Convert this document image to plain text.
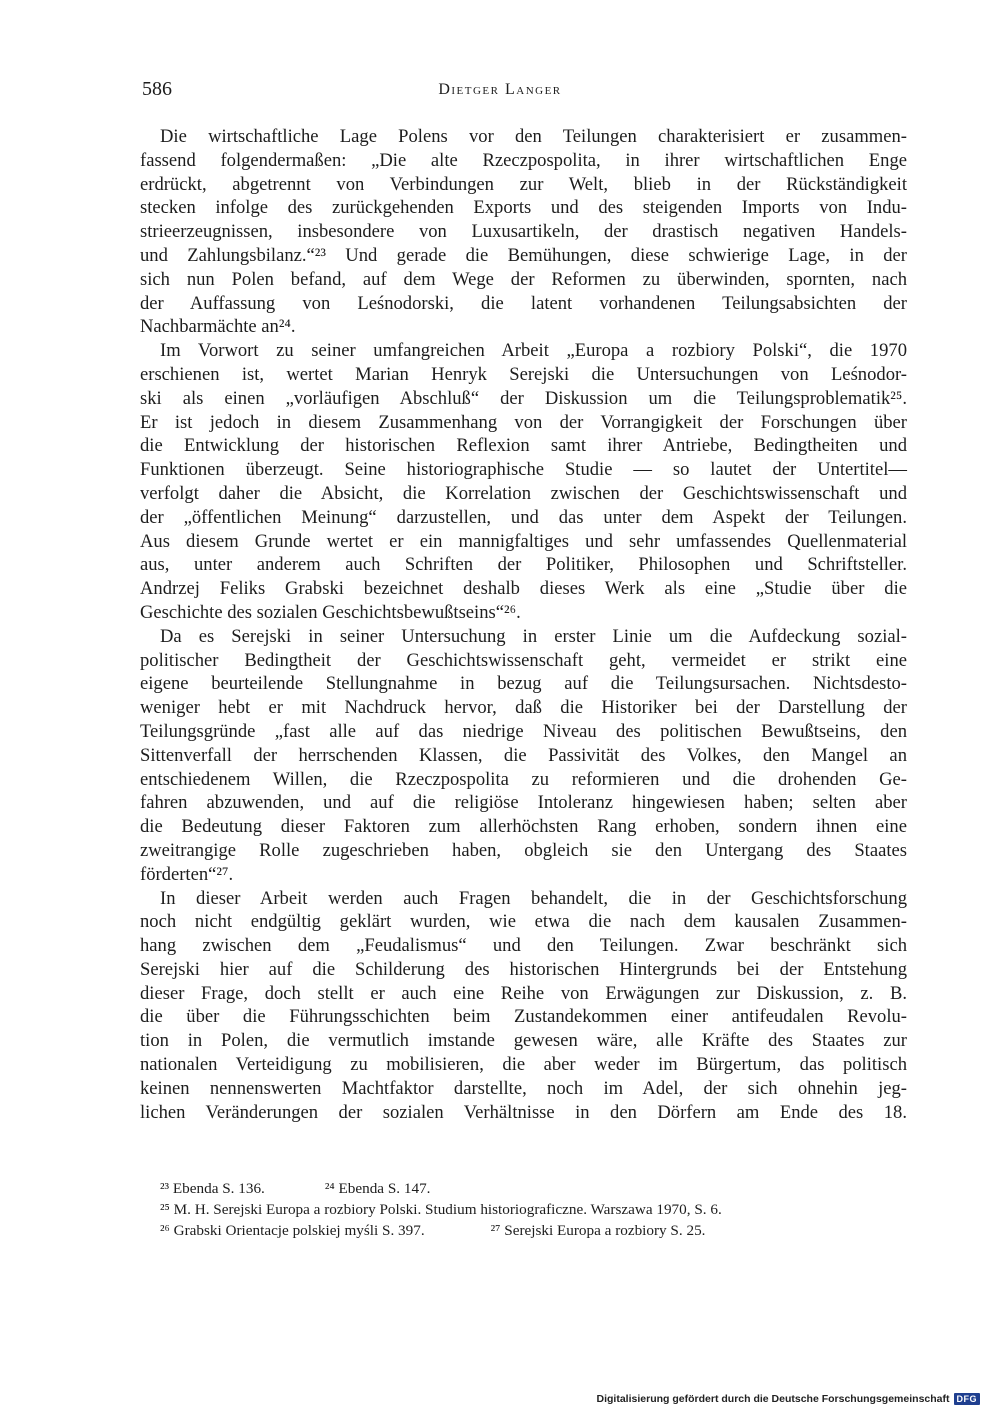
586	Dietger Langer
Die wirtschaftliche Lage Polens vor den Teilungen charakterisiert er zusammen-
fassend folgendermaßen: „Die alte Rzeczpospolita, in ihrer wirtschaftlichen Enge
erdrückt, abgetrennt von Verbindungen zur Welt, blieb in der Rückständigkeit
stecken infolge des zurückgehenden Exports und des steigenden Imports von Indu-
strieerzeugnissen, insbesondere von Luxusartikeln, der drastisch negativen Handels-
und Zahlungsbilanz.“²³ Und gerade die Bemühungen, diese schwierige Lage, in der
sich nun Polen befand, auf dem Wege der Reformen zu überwinden, spornten, nach
der Auffassung von Leśnodorski, die latent vorhandenen Teilungsabsichten der
Nachbarmächte an²⁴.
Im Vorwort zu seiner umfangreichen Arbeit „Europa a rozbiory Polski“, die 1970
erschienen ist, wertet Marian Henryk Serejski die Untersuchungen von Leśnodor-
ski als einen „vorläufigen Abschluß“ der Diskussion um die Teilungsproblematik²⁵.
Er ist jedoch in diesem Zusammenhang von der Vorrangigkeit der Forschungen über
die Entwicklung der historischen Reflexion samt ihrer Antriebe, Bedingtheiten und
Funktionen überzeugt. Seine historiographische Studie — so lautet der Untertitel—
verfolgt daher die Absicht, die Korrelation zwischen der Geschichtswissenschaft und
der „öffentlichen Meinung“ darzustellen, und das unter dem Aspekt der Teilungen.
Aus diesem Grunde wertet er ein mannigfaltiges und sehr umfassendes Quellenmaterial
aus, unter anderem auch Schriften der Politiker, Philosophen und Schriftsteller.
Andrzej Feliks Grabski bezeichnet deshalb dieses Werk als eine „Studie über die
Geschichte des sozialen Geschichtsbewußtseins“²⁶.
Da es Serejski in seiner Untersuchung in erster Linie um die Aufdeckung sozial-
politischer Bedingtheit der Geschichtswissenschaft geht, vermeidet er strikt eine
eigene beurteilende Stellungnahme in bezug auf die Teilungsursachen. Nichtsdesto-
weniger hebt er mit Nachdruck hervor, daß die Historiker bei der Darstellung der
Teilungsgründe „fast alle auf das niedrige Niveau des politischen Bewußtseins, den
Sittenverfall der herrschenden Klassen, die Passivität des Volkes, den Mangel an
entschiedenem Willen, die Rzeczpospolita zu reformieren und die drohenden Ge-
fahren abzuwenden, und auf die religiöse Intoleranz hingewiesen haben; selten aber
die Bedeutung dieser Faktoren zum allerhöchsten Rang erhoben, sondern ihnen eine
zweitrangige Rolle zugeschrieben haben, obgleich sie den Untergang des Staates
förderten“²⁷.
In dieser Arbeit werden auch Fragen behandelt, die in der Geschichtsforschung
noch nicht endgültig geklärt wurden, wie etwa die nach dem kausalen Zusammen-
hang zwischen dem „Feudalismus“ und den Teilungen. Zwar beschränkt sich
Serejski hier auf die Schilderung des historischen Hintergrunds bei der Entstehung
dieser Frage, doch stellt er auch eine Reihe von Erwägungen zur Diskussion, z. B.
die über die Führungsschichten beim Zustandekommen einer antifeudalen Revolu-
tion in Polen, die vermutlich imstande gewesen wäre, alle Kräfte des Staates zur
nationalen Verteidigung zu mobilisieren, die aber weder im Bürgertum, das politisch
keinen nennenswerten Machtfaktor darstellte, noch im Adel, der sich ohnehin jeg-
lichen Veränderungen der sozialen Verhältnisse in den Dörfern am Ende des 18.
²³ Ebenda S. 136.	²⁴ Ebenda S. 147.
²⁵ M. H. Serejski Europa a rozbiory Polski. Studium historiograficzne. Warszawa 1970, S. 6.
²⁶ Grabski Orientacje polskiej myśli S. 397.	²⁷ Serejski Europa a rozbiory S. 25.
Digitalisierung gefördert durch die Deutsche Forschungsgemeinschaft DFG
